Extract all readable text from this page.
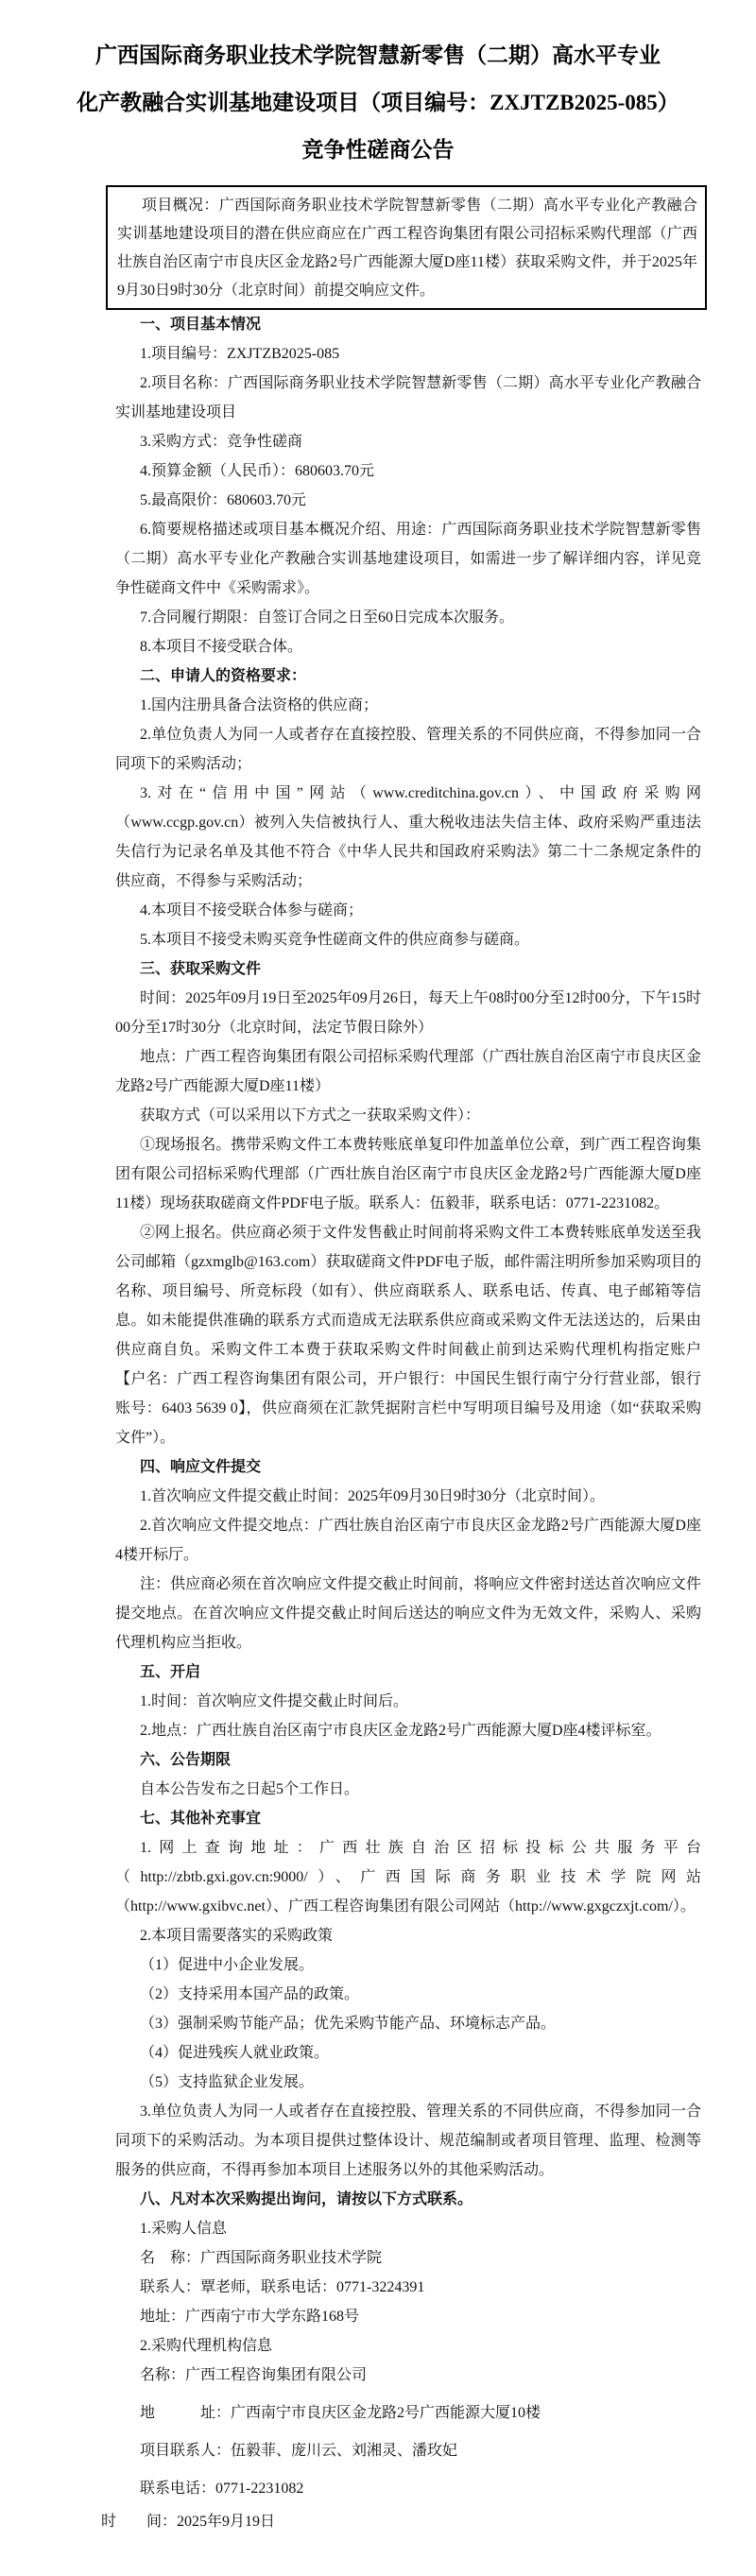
广西国际商务职业技术学院智慧新零售（二期）高水平专业
化产教融合实训基地建设项目（项目编号：ZXJTZB2025-085）
竞争性磋商公告

项目概况：广西国际商务职业技术学院智慧新零售（二期）高水平专业化产教融合实训基地建设项目的潜在供应商应在广西工程咨询集团有限公司招标采购代理部（广西壮族自治区南宁市良庆区金龙路2号广西能源大厦D座11楼）获取采购文件，并于2025年9月30日9时30分（北京时间）前提交响应文件。

一、项目基本情况

1.项目编号：ZXJTZB2025-085

2.项目名称：广西国际商务职业技术学院智慧新零售（二期）高水平专业化产教融合实训基地建设项目

3.采购方式：竞争性磋商

4.预算金额（人民币）：680603.70元

5.最高限价：680603.70元

6.简要规格描述或项目基本概况介绍、用途：广西国际商务职业技术学院智慧新零售（二期）高水平专业化产教融合实训基地建设项目，如需进一步了解详细内容，详见竞争性磋商文件中《采购需求》。

7.合同履行期限：自签订合同之日至60日完成本次服务。

8.本项目不接受联合体。

二、申请人的资格要求：

1.国内注册具备合法资格的供应商；

2.单位负责人为同一人或者存在直接控股、管理关系的不同供应商，不得参加同一合同项下的采购活动；

3.对在“信用中国”网站（www.creditchina.gov.cn）、中国政府采购网（www.ccgp.gov.cn）被列入失信被执行人、重大税收违法失信主体、政府采购严重违法失信行为记录名单及其他不符合《中华人民共和国政府采购法》第二十二条规定条件的供应商，不得参与采购活动；

4.本项目不接受联合体参与磋商；

5.本项目不接受未购买竞争性磋商文件的供应商参与磋商。

三、获取采购文件

时间：2025年09月19日至2025年09月26日，每天上午08时00分至12时00分，下午15时00分至17时30分（北京时间，法定节假日除外）

地点：广西工程咨询集团有限公司招标采购代理部（广西壮族自治区南宁市良庆区金龙路2号广西能源大厦D座11楼）

获取方式（可以采用以下方式之一获取采购文件）：

①现场报名。携带采购文件工本费转账底单复印件加盖单位公章，到广西工程咨询集团有限公司招标采购代理部（广西壮族自治区南宁市良庆区金龙路2号广西能源大厦D座11楼）现场获取磋商文件PDF电子版。联系人：伍毅菲，联系电话：0771-2231082。

②网上报名。供应商必须于文件发售截止时间前将采购文件工本费转账底单发送至我公司邮箱（gzxmglb@163.com）获取磋商文件PDF电子版，邮件需注明所参加采购项目的名称、项目编号、所竞标段（如有）、供应商联系人、联系电话、传真、电子邮箱等信息。如未能提供准确的联系方式而造成无法联系供应商或采购文件无法送达的，后果由供应商自负。采购文件工本费于获取采购文件时间截止前到达采购代理机构指定账户【户名：广西工程咨询集团有限公司，开户银行：中国民生银行南宁分行营业部，银行账号：6403 5639 0】，供应商须在汇款凭据附言栏中写明项目编号及用途（如“获取采购文件”）。

四、响应文件提交

1.首次响应文件提交截止时间：2025年09月30日9时30分（北京时间）。

2.首次响应文件提交地点：广西壮族自治区南宁市良庆区金龙路2号广西能源大厦D座4楼开标厅。

注：供应商必须在首次响应文件提交截止时间前，将响应文件密封送达首次响应文件提交地点。在首次响应文件提交截止时间后送达的响应文件为无效文件，采购人、采购代理机构应当拒收。

五、开启

1.时间：首次响应文件提交截止时间后。

2.地点：广西壮族自治区南宁市良庆区金龙路2号广西能源大厦D座4楼评标室。

六、公告期限

自本公告发布之日起5个工作日。

七、其他补充事宜

1.网上查询地址：广西壮族自治区招标投标公共服务平台（http://zbtb.gxi.gov.cn:9000/）、广西国际商务职业技术学院网站（http://www.gxibvc.net）、广西工程咨询集团有限公司网站（http://www.gxgczxjt.com/）。

2.本项目需要落实的采购政策

（1）促进中小企业发展。

（2）支持采用本国产品的政策。

（3）强制采购节能产品；优先采购节能产品、环境标志产品。

（4）促进残疾人就业政策。

（5）支持监狱企业发展。

3.单位负责人为同一人或者存在直接控股、管理关系的不同供应商，不得参加同一合同项下的采购活动。为本项目提供过整体设计、规范编制或者项目管理、监理、检测等服务的供应商，不得再参加本项目上述服务以外的其他采购活动。

八、凡对本次采购提出询问，请按以下方式联系。

1.采购人信息

名　称：广西国际商务职业技术学院

联系人：覃老师，联系电话：0771-3224391

地址：广西南宁市大学东路168号

2.采购代理机构信息

名称：广西工程咨询集团有限公司

地　　　址：广西南宁市良庆区金龙路2号广西能源大厦10楼

项目联系人：伍毅菲、庞川云、刘湘灵、潘玫妃

联系电话：0771-2231082

时　　间：2025年9月19日
